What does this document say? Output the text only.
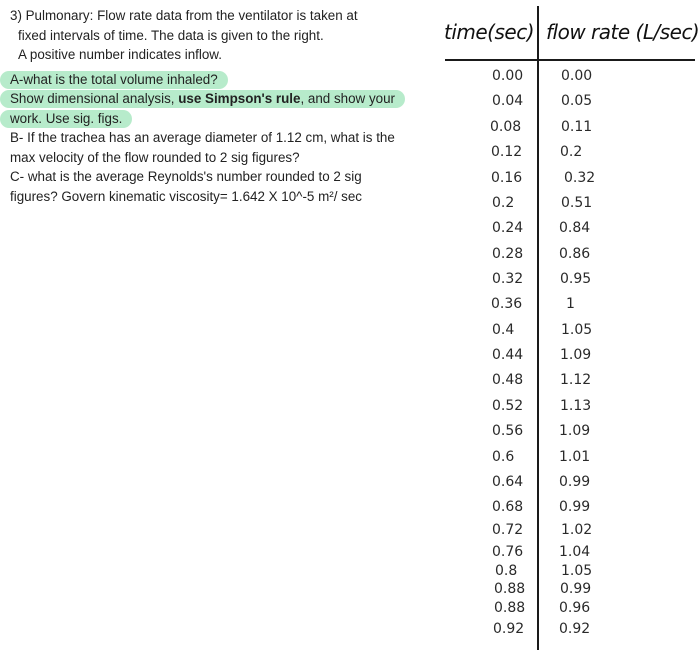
3) Pulmonary: Flow rate data from the ventilator is taken at
fixed intervals of time. The data is given to the right.
A positive number indicates inflow.
A-what is the total volume inhaled?
Show dimensional analysis, use Simpson's rule, and show your
work. Use sig. figs.
B- If the trachea has an average diameter of 1.12 cm, what is the
max velocity of the flow rounded to 2 sig figures?
C- what is the average Reynolds's number rounded to 2 sig
figures? Govern kinematic viscosity= 1.642 X 10^-5 m²/ sec
time(sec) flow rate (L/sec)
0.00	0.00
0.04	0.05
0.08	0.11
0.12	0.2
0.16	0.32
0.2	0.51
0.24	0.84
0.28	0.86
0.32	0.95
0.36	1
0.4	1.05
0.44	1.09
0.48	1.12
0.52	1.13
0.56	1.09
0.6	1.01
0.64	0.99
0.68	0.99
0.72	1.02
0.76	1.04
0.8	1.05
0.88 0.99
0.88 0.96
0.92 0.92
